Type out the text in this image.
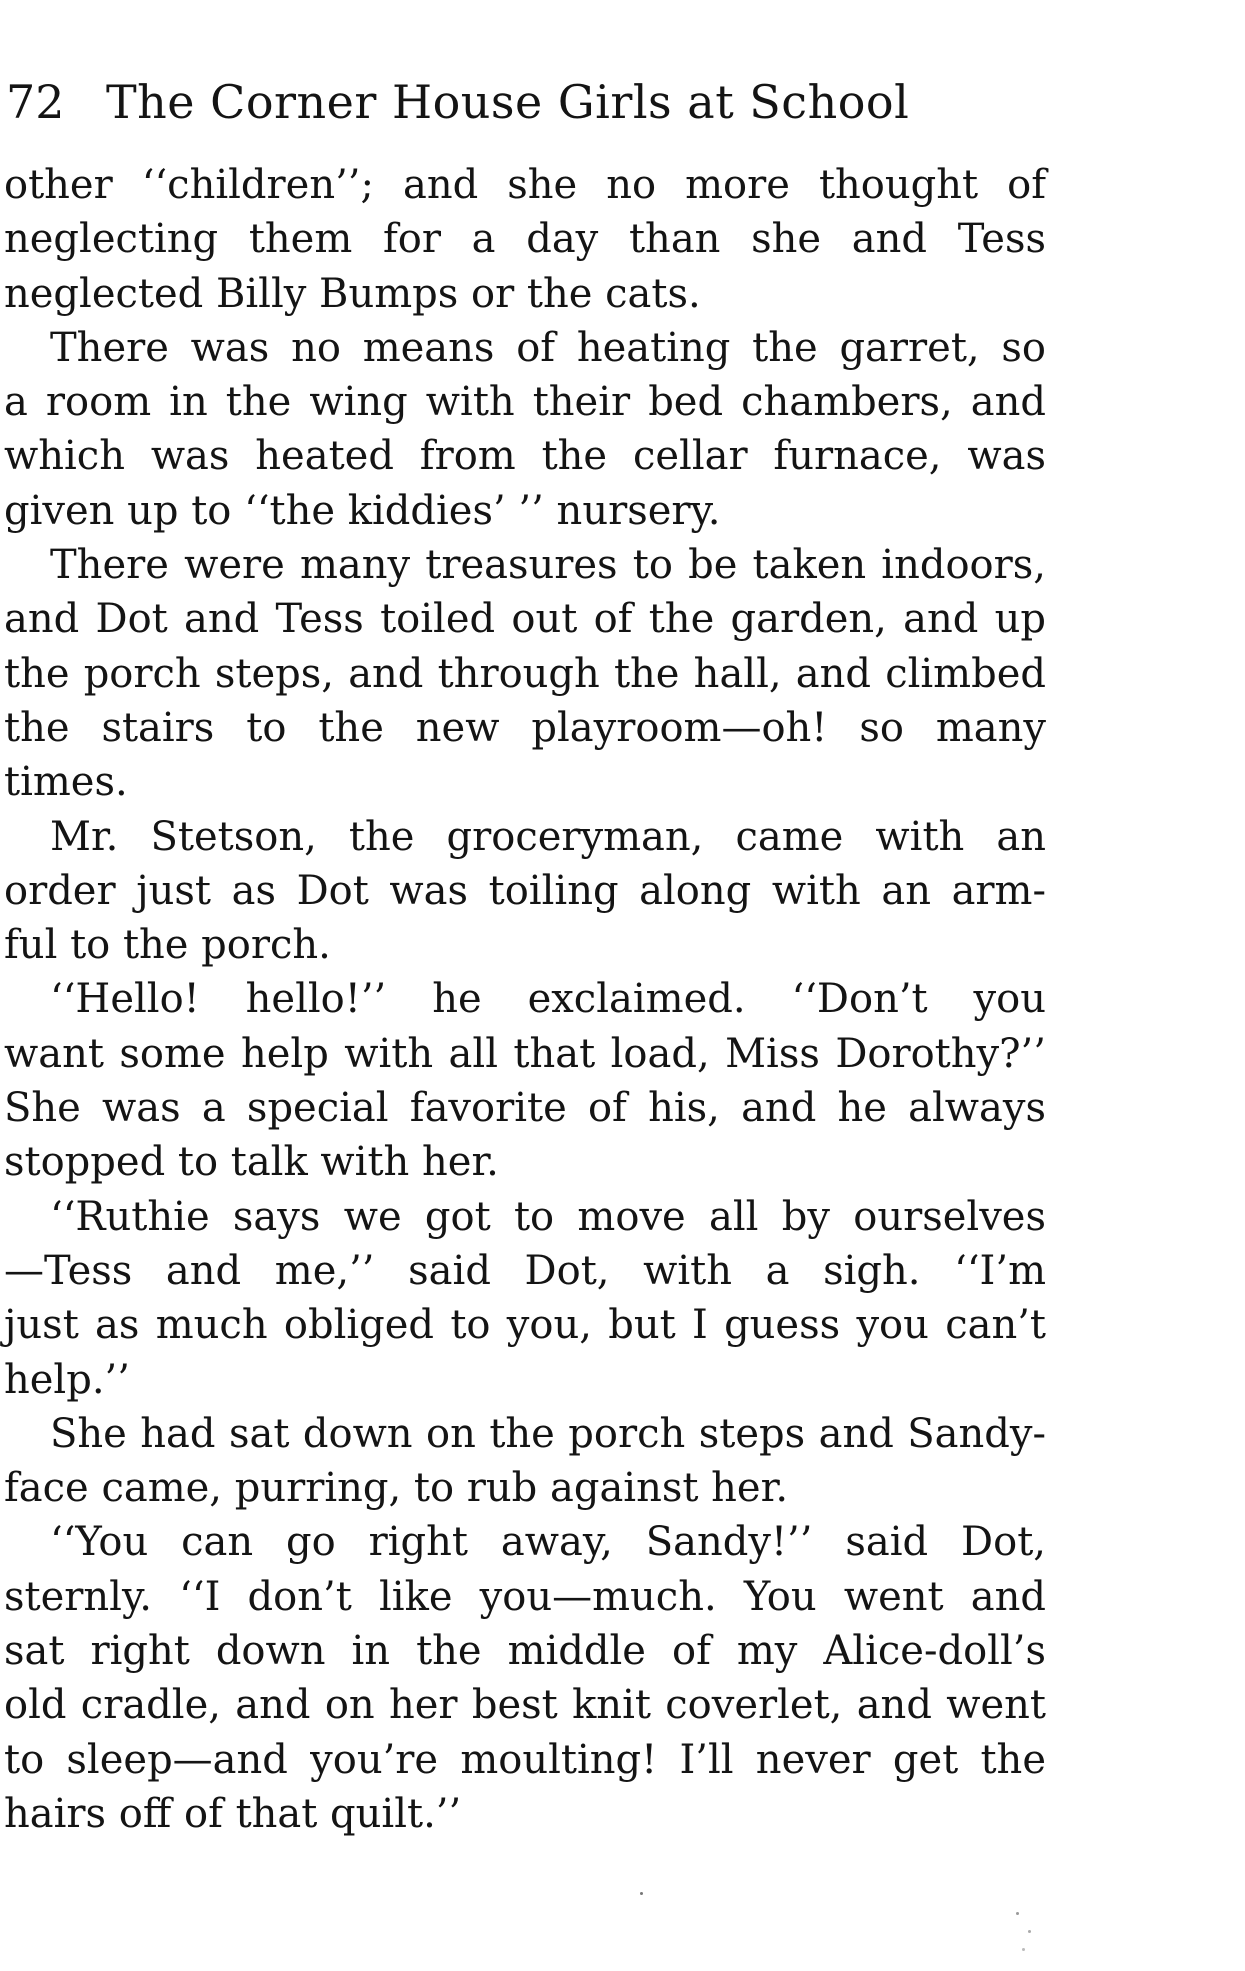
72 The Corner House Girls at School
other ‘‘children’’; and she no more thought of
neglecting them for a day than she and Tess
neglected Billy Bumps or the cats.
There was no means of heating the garret, so
a room in the wing with their bed chambers, and
which was heated from the cellar furnace, was
given up to ‘‘the kiddies’ ’’ nursery.
There were many treasures to be taken indoors,
and Dot and Tess toiled out of the garden, and up
the porch steps, and through the hall, and climbed
the stairs to the new playroom—oh! so many
times.
Mr. Stetson, the groceryman, came with an
order just as Dot was toiling along with an arm-
ful to the porch.
‘‘Hello! hello!’’ he exclaimed. ‘‘Don’t you
want some help with all that load, Miss Dorothy?’’
She was a special favorite of his, and he always
stopped to talk with her.
‘‘Ruthie says we got to move all by ourselves
—Tess and me,’’ said Dot, with a sigh. ‘‘I’m
just as much obliged to you, but I guess you can’t
help.’’
She had sat down on the porch steps and Sandy-
face came, purring, to rub against her.
‘‘You can go right away, Sandy!’’ said Dot,
sternly. ‘‘I don’t like you—much. You went and
sat right down in the middle of my Alice-doll’s
old cradle, and on her best knit coverlet, and went
to sleep—and you’re moulting! I’ll never get the
hairs off of that quilt.’’
